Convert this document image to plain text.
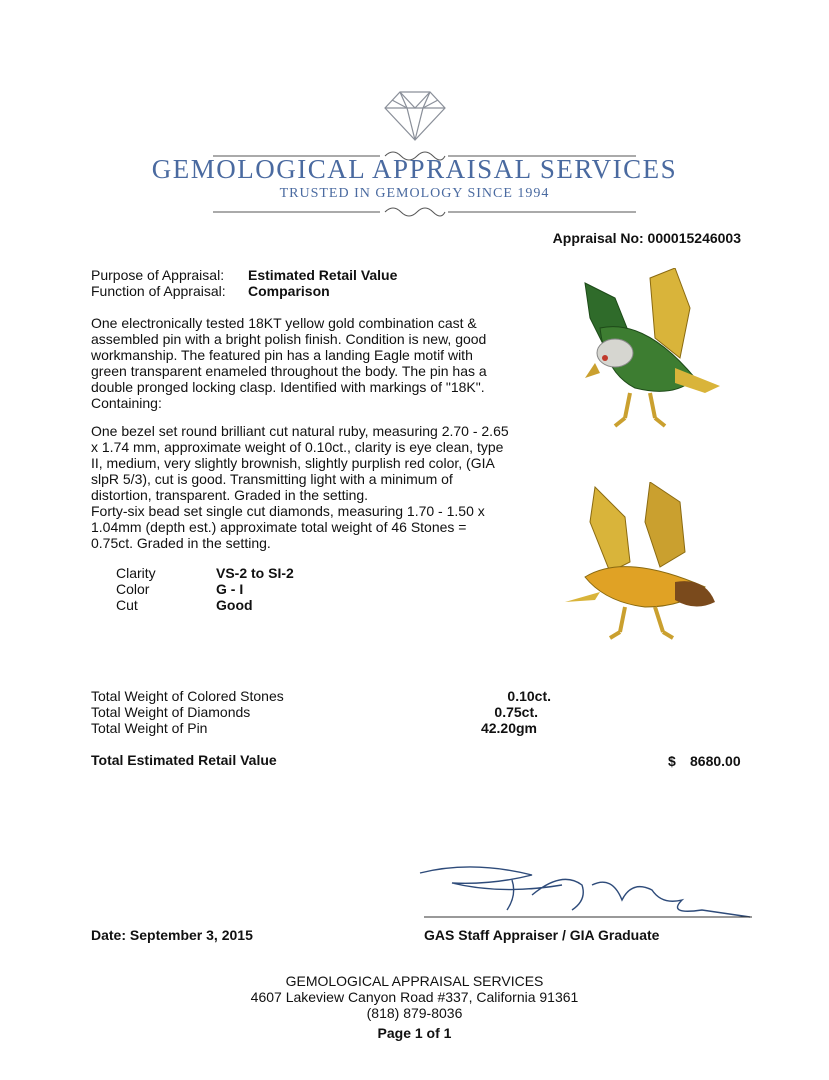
GEMOLOGICAL APPRAISAL SERVICES
TRUSTED IN GEMOLOGY SINCE 1994
Appraisal No: 000015246003
Purpose of Appraisal: Estimated Retail Value
Function of Appraisal: Comparison
One electronically tested 18KT yellow gold combination cast & assembled pin with a bright polish finish. Condition is new, good workmanship. The featured pin has a landing Eagle motif with green transparent enameled throughout the body. The pin has a double pronged locking clasp. Identified with markings of "18K". Containing:
One bezel set round brilliant cut natural ruby, measuring 2.70 - 2.65 x 1.74 mm, approximate weight of 0.10ct., clarity is eye clean, type II, medium, very slightly brownish, slightly purplish red color, (GIA slpR 5/3), cut is good. Transmitting light with a minimum of distortion, transparent. Graded in the setting.
Forty-six bead set single cut diamonds, measuring 1.70 - 1.50 x 1.04mm (depth est.) approximate total weight of 46 Stones = 0.75ct. Graded in the setting.
Clarity	VS-2 to SI-2
Color	G - I
Cut	Good
Total Weight of Colored Stones	0.10ct.
Total Weight of Diamonds	0.75ct.
Total Weight of Pin	42.20gm
Total Estimated Retail Value	$ 8680.00
Date: September 3, 2015	GAS Staff Appraiser / GIA Graduate
GEMOLOGICAL APPRAISAL SERVICES
4607 Lakeview Canyon Road #337, California 91361
(818) 879-8036
Page 1 of 1
